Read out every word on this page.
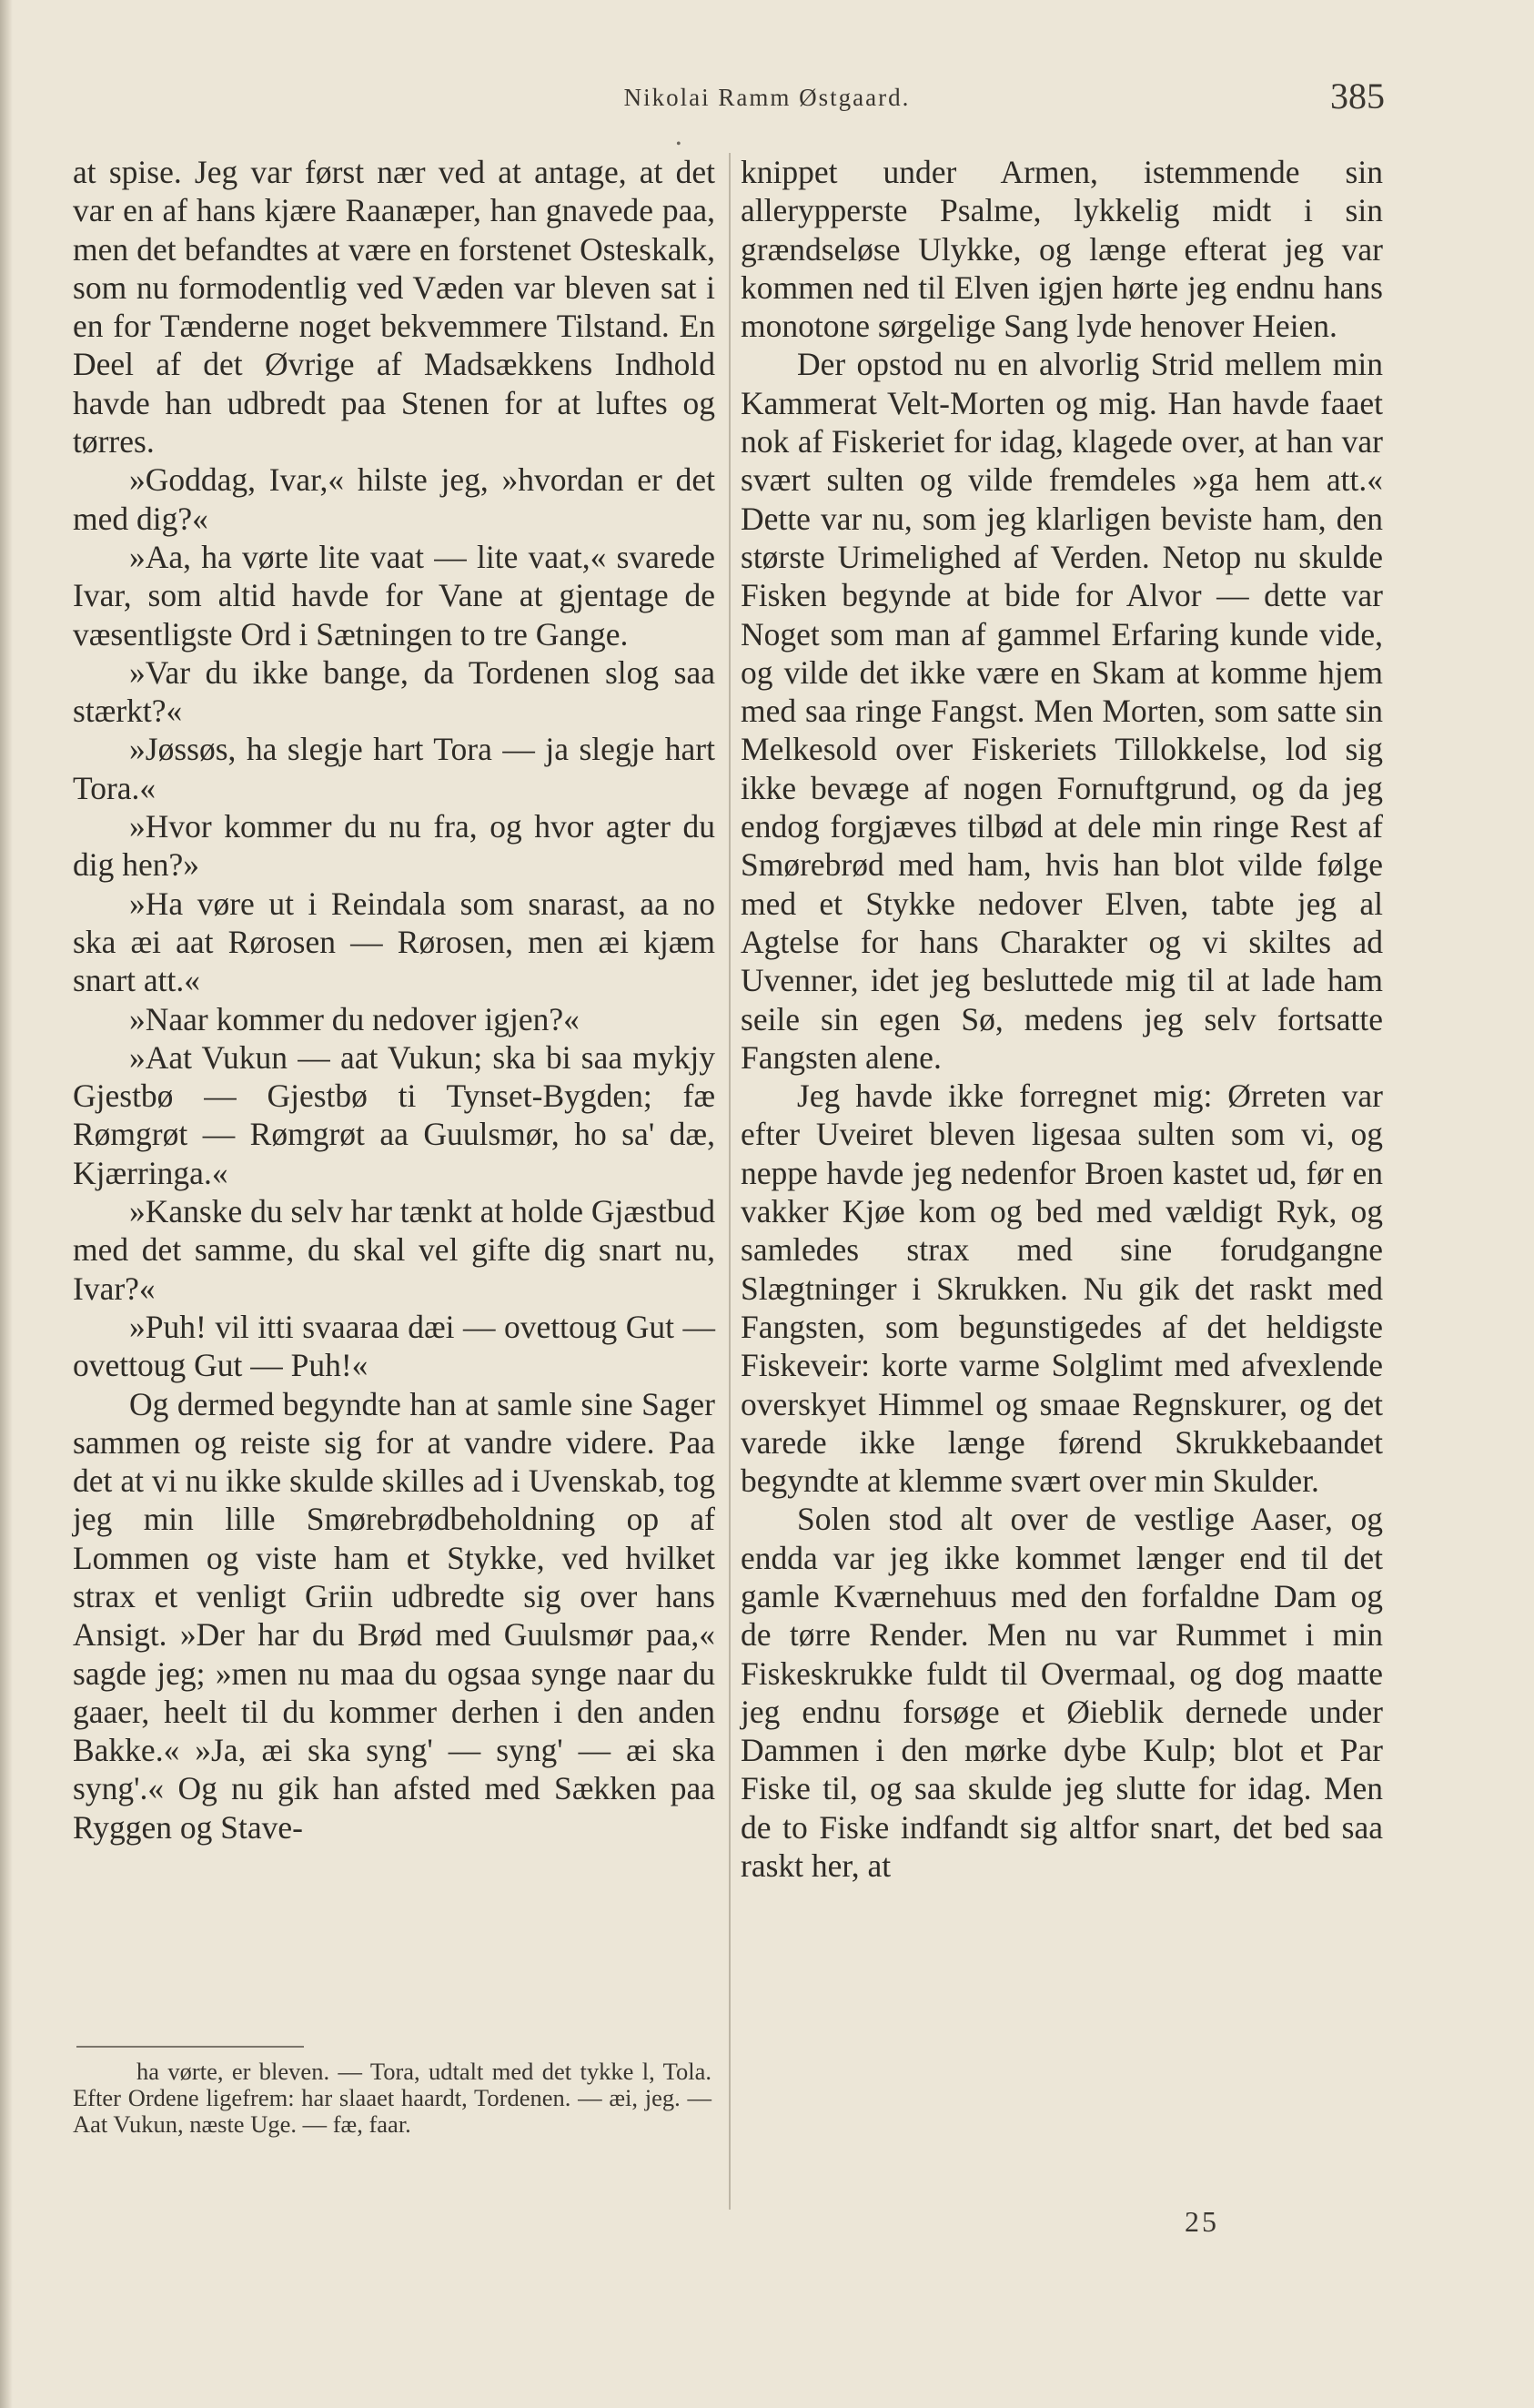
Nikolai Ramm Østgaard.	385
•

at spise. Jeg var først nær ved at antage, at det var en af hans kjære Raanæper, han gnavede paa, men det befandtes at være en forstenet Osteskalk, som nu formodentlig ved Væden var bleven sat i en for Tænderne noget bekvemmere Tilstand. En Deel af det Øvrige af Madsækkens Indhold havde han udbredt paa Stenen for at luftes og tørres.

»Goddag, Ivar,« hilste jeg, »hvordan er det med dig?«

»Aa, ha vørte lite vaat — lite vaat,« svarede Ivar, som altid havde for Vane at gjentage de væsentligste Ord i Sætningen to tre Gange.

»Var du ikke bange, da Tordenen slog saa stærkt?«

»Jøssøs, ha slegje hart Tora — ja slegje hart Tora.«

»Hvor kommer du nu fra, og hvor agter du dig hen?»

»Ha vøre ut i Reindala som snarast, aa no ska æi aat Rørosen — Rørosen, men æi kjæm snart att.«

»Naar kommer du nedover igjen?«

»Aat Vukun — aat Vukun; ska bi saa mykjy Gjestbø — Gjestbø ti Tynset-Bygden; fæ Rømgrøt — Rømgrøt aa Guulsmør, ho sa' dæ, Kjærringa.«

»Kanske du selv har tænkt at holde Gjæstbud med det samme, du skal vel gifte dig snart nu, Ivar?«

»Puh! vil itti svaaraa dæi — ovettoug Gut — ovettoug Gut — Puh!«

Og dermed begyndte han at samle sine Sager sammen og reiste sig for at vandre videre. Paa det at vi nu ikke skulde skilles ad i Uvenskab, tog jeg min lille Smørebrødbeholdning op af Lommen og viste ham et Stykke, ved hvilket strax et venligt Griin udbredte sig over hans Ansigt. »Der har du Brød med Guulsmør paa,« sagde jeg; »men nu maa du ogsaa synge naar du gaaer, heelt til du kommer derhen i den anden Bakke.« »Ja, æi ska syng' — syng' — æi ska syng'.« Og nu gik han afsted med Sækken paa Ryggen og Stave-

knippet under Armen, istemmende sin allerypperste Psalme, lykkelig midt i sin grændseløse Ulykke, og længe efterat jeg var kommen ned til Elven igjen hørte jeg endnu hans monotone sørgelige Sang lyde henover Heien.

Der opstod nu en alvorlig Strid mellem min Kammerat Velt-Morten og mig. Han havde faaet nok af Fiskeriet for idag, klagede over, at han var svært sulten og vilde fremdeles »ga hem att.« Dette var nu, som jeg klarligen beviste ham, den største Urimelighed af Verden. Netop nu skulde Fisken begynde at bide for Alvor — dette var Noget som man af gammel Erfaring kunde vide, og vilde det ikke være en Skam at komme hjem med saa ringe Fangst. Men Morten, som satte sin Melkesold over Fiskeriets Tillokkelse, lod sig ikke bevæge af nogen Fornuftgrund, og da jeg endog forgjæves tilbød at dele min ringe Rest af Smørebrød med ham, hvis han blot vilde følge med et Stykke nedover Elven, tabte jeg al Agtelse for hans Charakter og vi skiltes ad Uvenner, idet jeg besluttede mig til at lade ham seile sin egen Sø, medens jeg selv fortsatte Fangsten alene.

Jeg havde ikke forregnet mig: Ørreten var efter Uveiret bleven ligesaa sulten som vi, og neppe havde jeg nedenfor Broen kastet ud, før en vakker Kjøe kom og bed med vældigt Ryk, og samledes strax med sine forudgangne Slægtninger i Skrukken. Nu gik det raskt med Fangsten, som begunstigedes af det heldigste Fiskeveir: korte varme Solglimt med afvexlende overskyet Himmel og smaae Regnskurer, og det varede ikke længe førend Skrukkebaandet begyndte at klemme svært over min Skulder.

Solen stod alt over de vestlige Aaser, og endda var jeg ikke kommet længer end til det gamle Kværnehuus med den forfaldne Dam og de tørre Render. Men nu var Rummet i min Fiskeskrukke fuldt til Overmaal, og dog maatte jeg endnu forsøge et Øieblik dernede under Dammen i den mørke dybe Kulp; blot et Par Fiske til, og saa skulde jeg slutte for idag. Men de to Fiske indfandt sig altfor snart, det bed saa raskt her, at

ha vørte, er bleven. — Tora, udtalt med det tykke l, Tola. Efter Ordene ligefrem: har slaaet haardt, Tordenen. — æi, jeg. — Aat Vukun, næste Uge. — fæ, faar.

25
